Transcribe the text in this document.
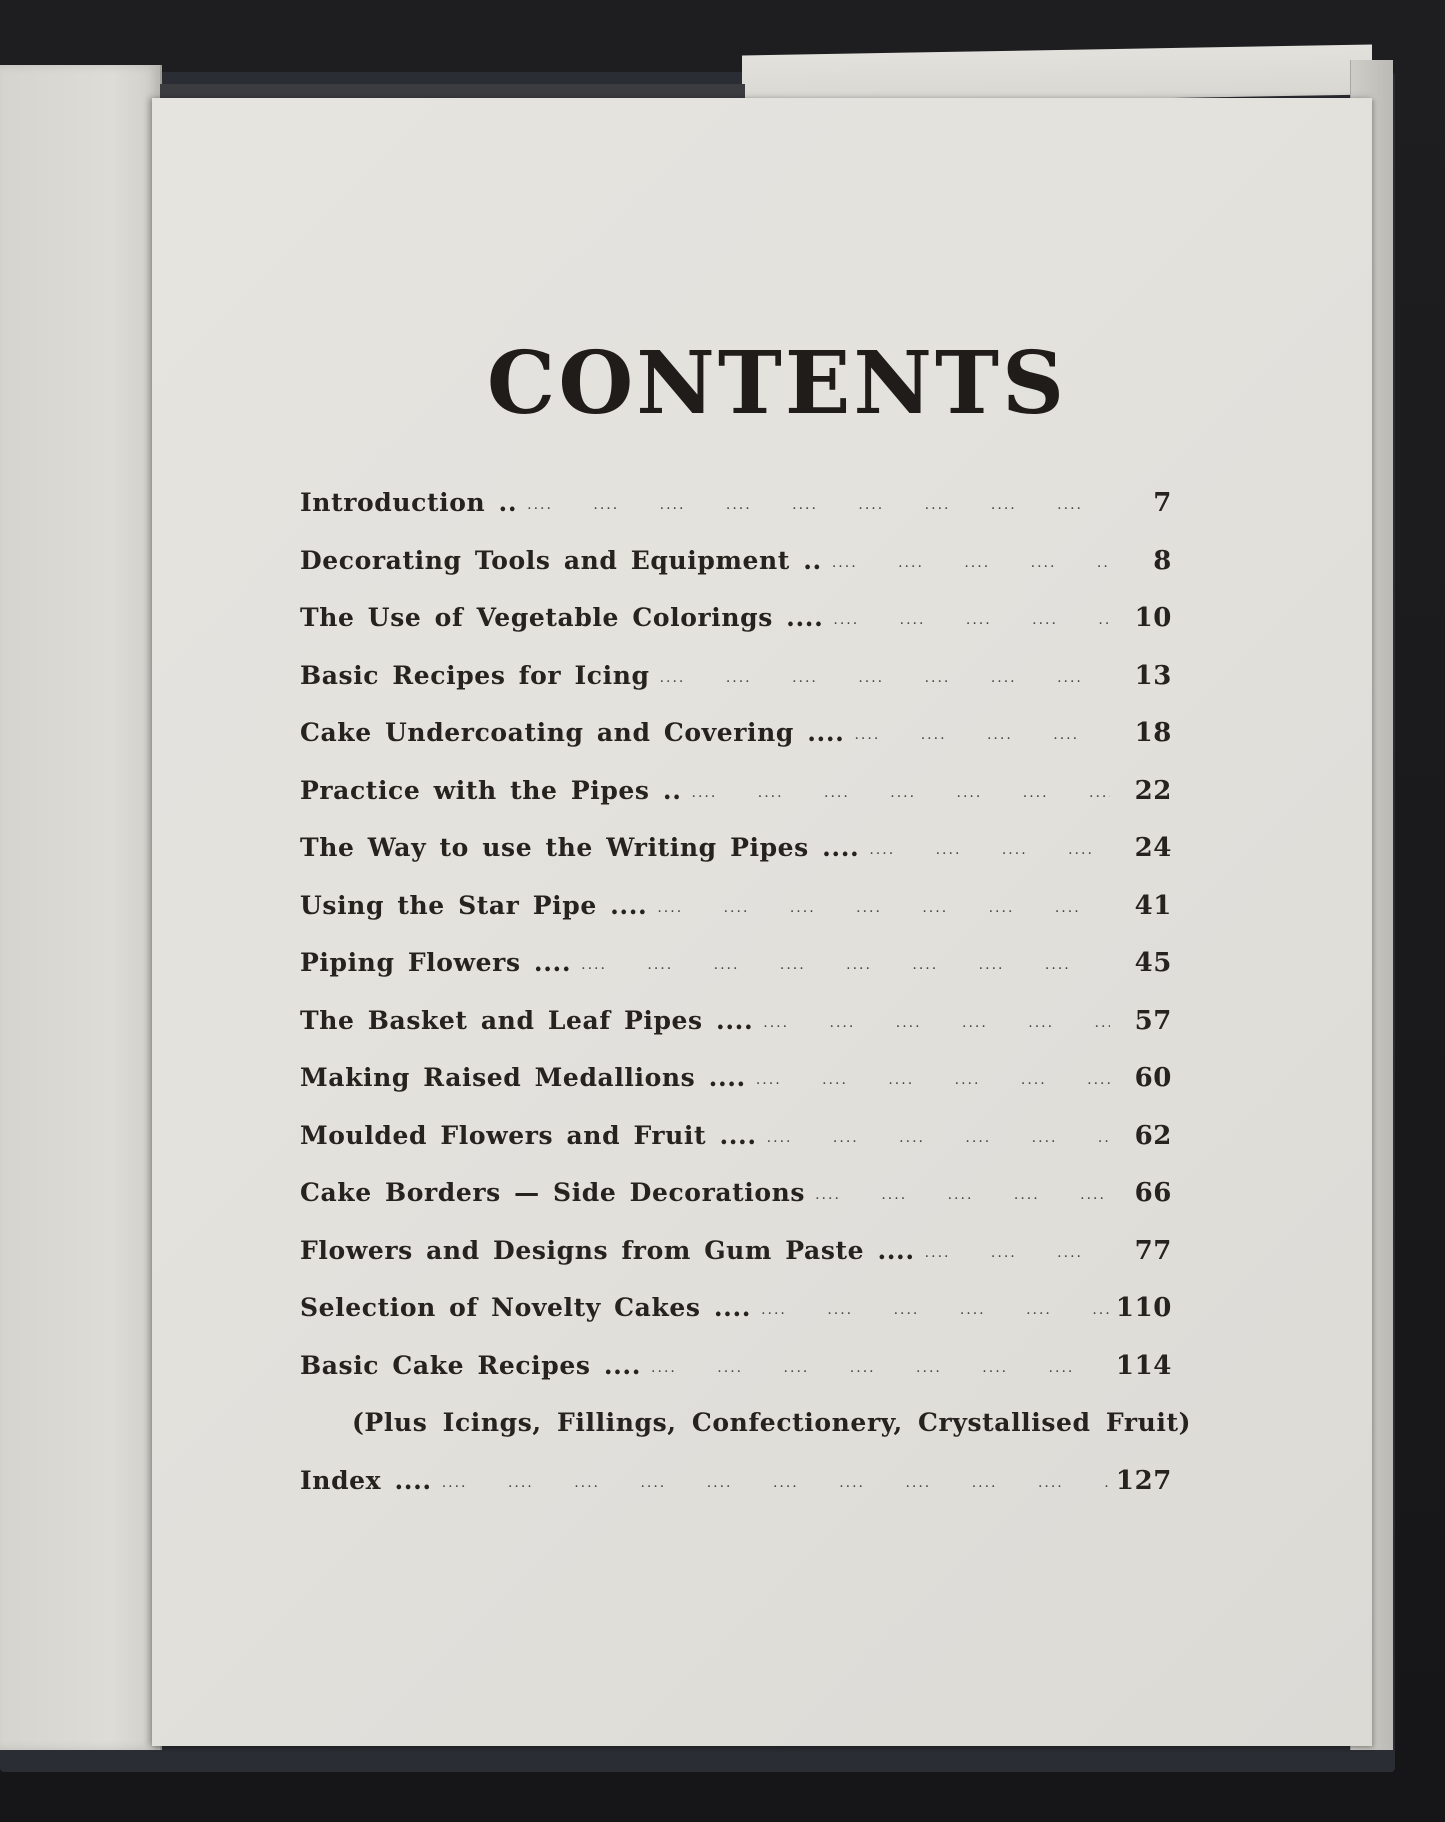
CONTENTS
Introduction .. ....	7
Decorating Tools and Equipment .. ....	8
The Use of Vegetable Colorings .... ....	10
Basic Recipes for Icing ....	13
Cake Undercoating and Covering .... ....	18
Practice with the Pipes .. ....	22
The Way to use the Writing Pipes .... ....	24
Using the Star Pipe .... ....	41
Piping Flowers .... ....	45
The Basket and Leaf Pipes .... ....	57
Making Raised Medallions .... ....	60
Moulded Flowers and Fruit .... ....	62
Cake Borders — Side Decorations ....	66
Flowers and Designs from Gum Paste .... ....	77
Selection of Novelty Cakes .... ....	110
Basic Cake Recipes .... ....	114
(Plus Icings, Fillings, Confectionery, Crystallised Fruit)
Index .... ....	127
